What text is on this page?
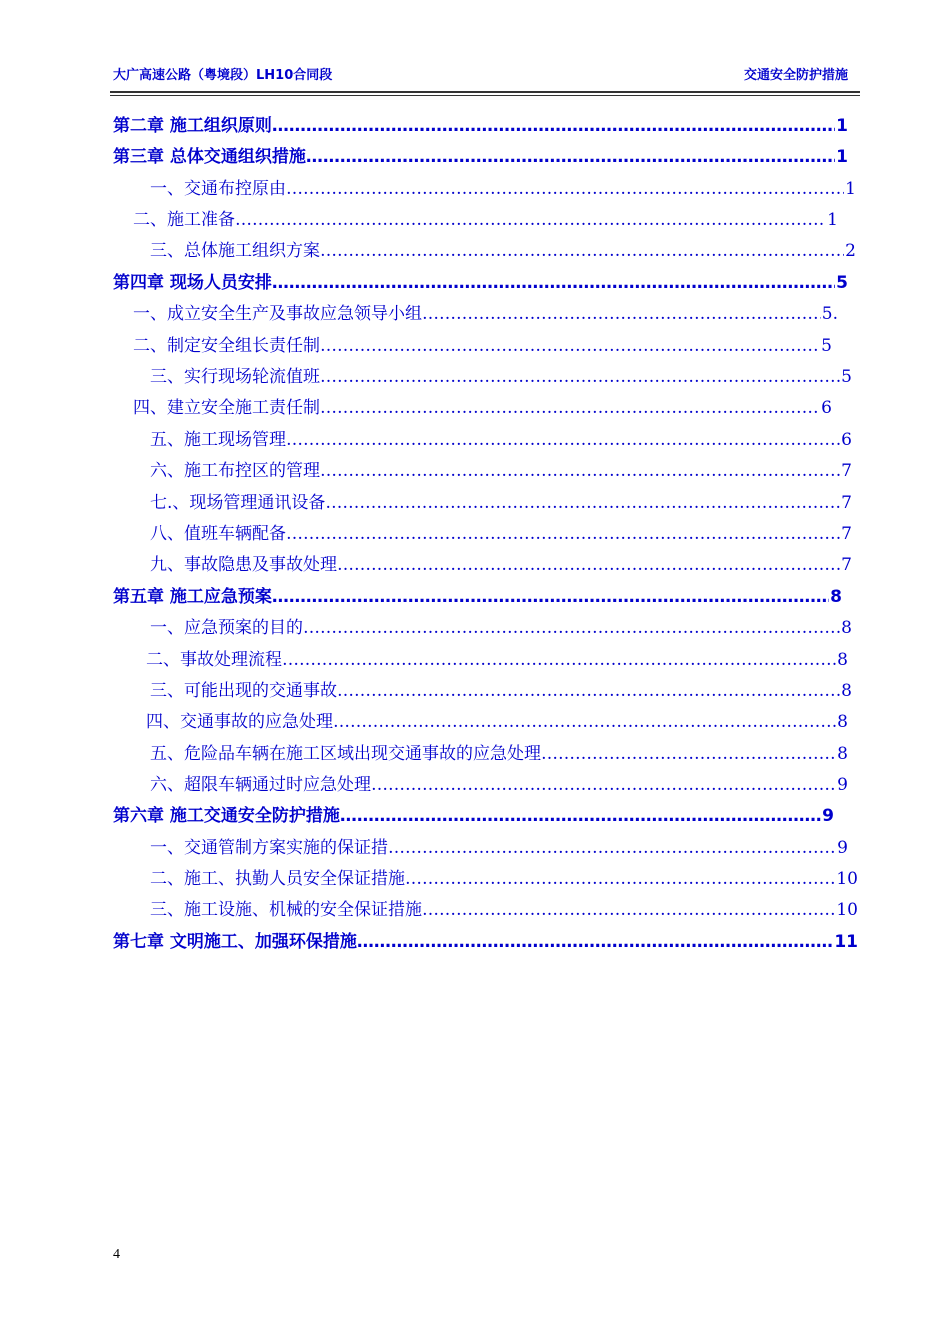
大广高速公路（粤境段）LH10合同段	交通安全防护措施
第二章 施工组织原则 ……………………………………………………………………………………………………………………………………………………………………	1
第三章 总体交通组织措施 ……………………………………………………………………………………………………………………………………………………………………	1
一、交通布控原由 ……………………………………………………………………………………………………………………………………………………………………	1
二、施工准备 ……………………………………………………………………………………………………………………………………………………………………	1
三、总体施工组织方案 ……………………………………………………………………………………………………………………………………………………………………	2
第四章 现场人员安排 ……………………………………………………………………………………………………………………………………………………………………	5
一、成立安全生产及事故应急领导小组 ……………………………………………………………………………………………………………………………………………………………………	5.
二、制定安全组长责任制 ……………………………………………………………………………………………………………………………………………………………………	5
三、实行现场轮流值班 ……………………………………………………………………………………………………………………………………………………………………	5
四、建立安全施工责任制 ……………………………………………………………………………………………………………………………………………………………………	6
五、施工现场管理 ……………………………………………………………………………………………………………………………………………………………………	6
六、施工布控区的管理 ……………………………………………………………………………………………………………………………………………………………………	7
七.、现场管理通讯设备 ……………………………………………………………………………………………………………………………………………………………………	7
八、值班车辆配备 ……………………………………………………………………………………………………………………………………………………………………	7
九、事故隐患及事故处理 ……………………………………………………………………………………………………………………………………………………………………	7
第五章 施工应急预案 ……………………………………………………………………………………………………………………………………………………………………	8
一、应急预案的目的 ……………………………………………………………………………………………………………………………………………………………………	8
二、事故处理流程 ……………………………………………………………………………………………………………………………………………………………………	8
三、可能出现的交通事故 ……………………………………………………………………………………………………………………………………………………………………	8
四、交通事故的应急处理 ……………………………………………………………………………………………………………………………………………………………………	8
五、危险品车辆在施工区域出现交通事故的应急处理 ……………………………………………………………………………………………………………………………………………………………………	8
六、超限车辆通过时应急处理 ……………………………………………………………………………………………………………………………………………………………………	9
第六章 施工交通安全防护措施 ……………………………………………………………………………………………………………………………………………………………………	9
一、交通管制方案实施的保证措 ……………………………………………………………………………………………………………………………………………………………………	9
二、施工、执勤人员安全保证措施 ……………………………………………………………………………………………………………………………………………………………………	10
三、施工设施、机械的安全保证措施 ……………………………………………………………………………………………………………………………………………………………………	10
第七章 文明施工、加强环保措施 ……………………………………………………………………………………………………………………………………………………………………	11
4
